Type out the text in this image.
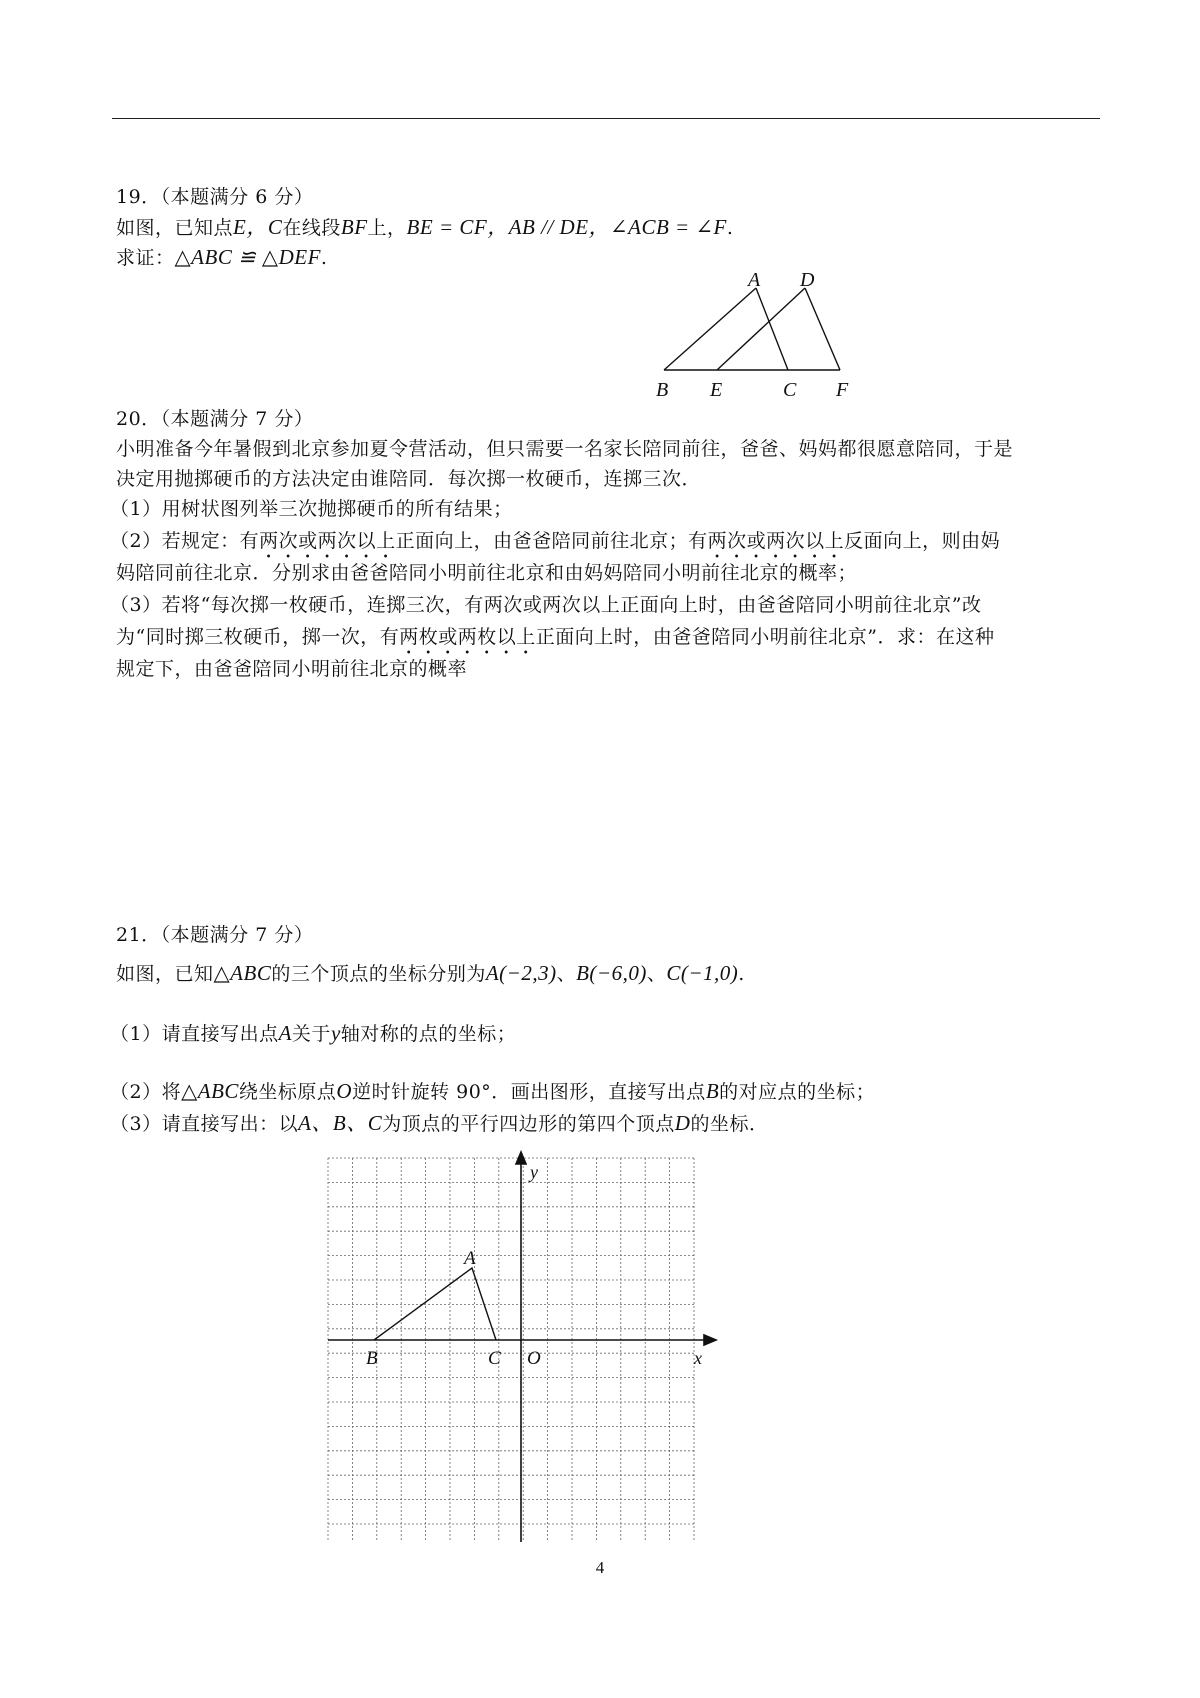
19．（本题满分 6 分）
如图，已知点E，C在线段BF上，BE = CF，AB // DE，∠ACB = ∠F.
求证：△ABC ≌ △DEF.
A D
B E	C F
20．（本题满分 7 分）
小明准备今年暑假到北京参加夏令营活动，但只需要一名家长陪同前往，爸爸、妈妈都很愿意陪同，于是
决定用抛掷硬币的方法决定由谁陪同．每次掷一枚硬币，连掷三次．
（1）用树状图列举三次抛掷硬币的所有结果；
（2）若规定：有两次或两次以上正面向上，由爸爸陪同前往北京；有两次或两次以上反面向上，则由妈
妈陪同前往北京．分别求由爸爸陪同小明前往北京和由妈妈陪同小明前往北京的概率；
（3）若将“每次掷一枚硬币，连掷三次，有两次或两次以上正面向上时，由爸爸陪同小明前往北京”改
为“同时掷三枚硬币，掷一次，有两枚或两枚以上正面向上时，由爸爸陪同小明前往北京”．求：在这种
规定下，由爸爸陪同小明前往北京的概率
21．（本题满分 7 分）
如图，已知△ABC的三个顶点的坐标分别为A(−2,3)、B(−6,0)、C(−1,0).
（1）请直接写出点A关于y轴对称的点的坐标；
（2）将△ABC绕坐标原点O逆时针旋转 90°．画出图形，直接写出点B的对应点的坐标；
（3）请直接写出：以A、B、C为顶点的平行四边形的第四个顶点D的坐标．
y
x
O
A
B	C
4
